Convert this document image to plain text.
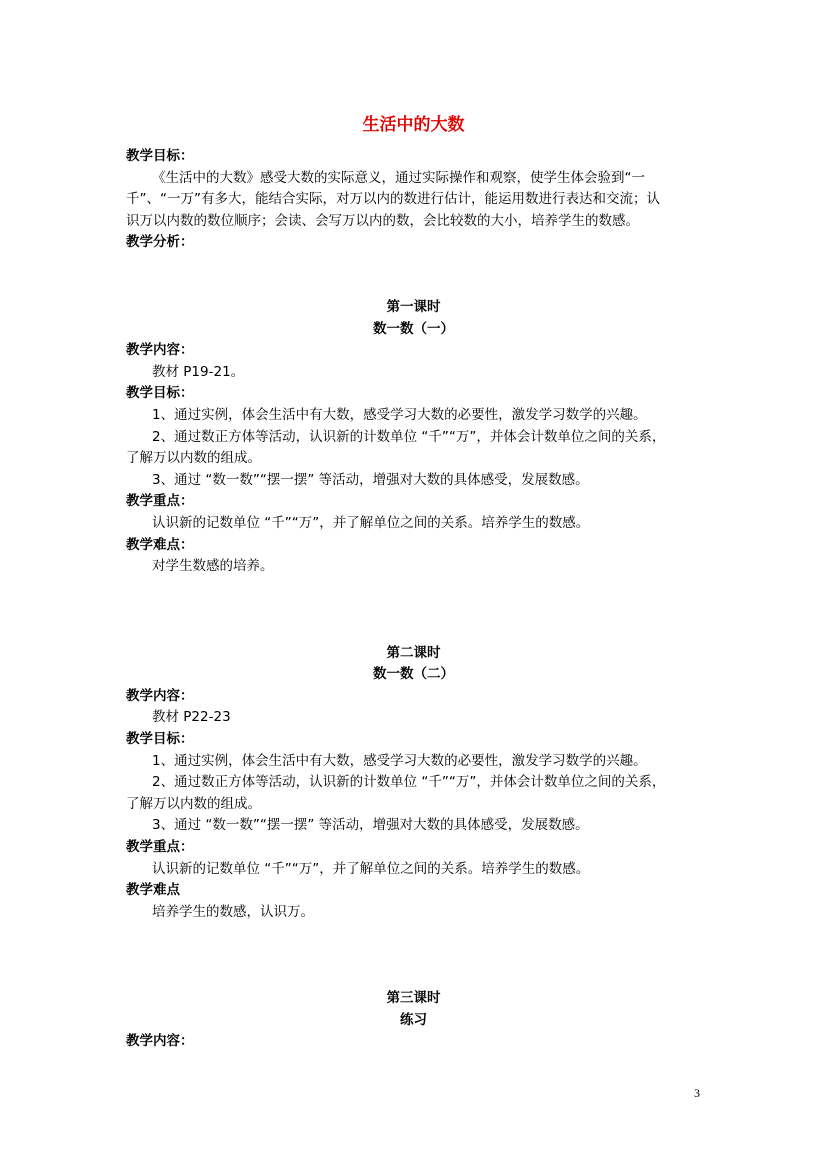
生活中的大数
教学目标：
《生活中的大数》感受大数的实际意义，通过实际操作和观察，使学生体会验到“一
千”、“一万”有多大，能结合实际，对万以内的数进行估计，能运用数进行表达和交流；认
识万以内数的数位顺序；会读、会写万以内的数，会比较数的大小，培养学生的数感。
教学分析：
第一课时
数一数（一）
教学内容：
教材 P19-21。
教学目标：
1、通过实例，体会生活中有大数，感受学习大数的必要性，激发学习数学的兴趣。
2、通过数正方体等活动，认识新的计数单位 “千”“万”，并体会计数单位之间的关系，
了解万以内数的组成。
3、通过 “数一数”“摆一摆” 等活动，增强对大数的具体感受，发展数感。
教学重点：
认识新的记数单位 “千”“万”，并了解单位之间的关系。培养学生的数感。
教学难点：
对学生数感的培养。
第二课时
数一数（二）
教学内容：
教材 P22-23
教学目标：
1、通过实例，体会生活中有大数，感受学习大数的必要性，激发学习数学的兴趣。
2、通过数正方体等活动，认识新的计数单位 “千”“万”，并体会计数单位之间的关系，
了解万以内数的组成。
3、通过 “数一数”“摆一摆” 等活动，增强对大数的具体感受，发展数感。
教学重点：
认识新的记数单位 “千”“万”，并了解单位之间的关系。培养学生的数感。
教学难点
培养学生的数感，认识万。
第三课时
练习
教学内容：
3
